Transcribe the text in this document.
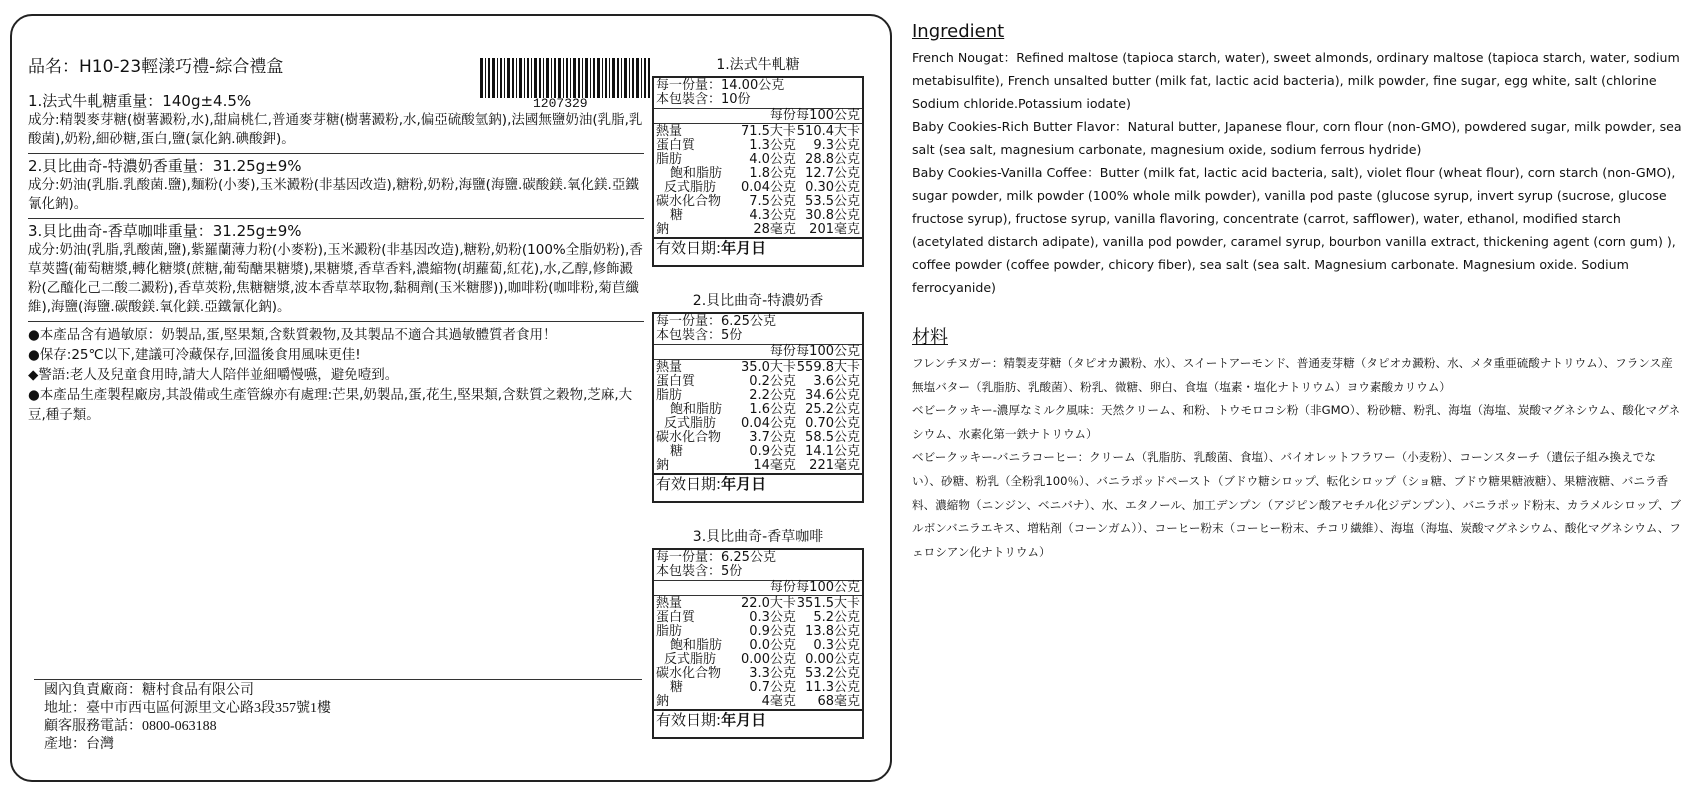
1207329
品名：H10-23輕漾巧禮-綜合禮盒
1.法式牛軋糖重量：140g±4.5%
成分:精製麥芽糖(樹薯澱粉,水),甜扁桃仁,普通麥芽糖(樹薯澱粉,水,偏亞硫酸氫鈉),法國無鹽奶油(乳脂,乳酸菌),奶粉,細砂糖,蛋白,鹽(氯化鈉.碘酸鉀)。
2.貝比曲奇-特濃奶香重量：31.25g±9%
成分:奶油(乳脂.乳酸菌.鹽),麵粉(小麥),玉米澱粉(非基因改造),糖粉,奶粉,海鹽(海鹽.碳酸鎂.氧化鎂.亞鐵氰化鈉)。
3.貝比曲奇-香草咖啡重量：31.25g±9%
成分:奶油(乳脂,乳酸菌,鹽),紫羅蘭薄力粉(小麥粉),玉米澱粉(非基因改造),糖粉,奶粉(100%全脂奶粉),香草莢醬(葡萄糖漿,轉化糖漿(蔗糖,葡萄醣果糖漿),果糖漿,香草香料,濃縮物(胡蘿蔔,紅花),水,乙醇,修飾澱粉(乙醯化己二酸二澱粉),香草莢粉,焦糖糖漿,波本香草萃取物,黏稠劑(玉米糖膠)),咖啡粉(咖啡粉,菊苣纖維),海鹽(海鹽.碳酸鎂.氧化鎂.亞鐵氰化鈉)。
●本產品含有過敏原：奶製品,蛋,堅果類,含麩質穀物,及其製品不適合其過敏體質者食用！
●保存:25℃以下,建議可冷藏保存,回溫後食用風味更佳!
◆警語:老人及兒童食用時,請大人陪伴並細嚼慢嚥，避免噎到。
●本產品生產製程廠房,其設備或生產管線亦有處理:芒果,奶製品,蛋,花生,堅果類,含麩質之穀物,芝麻,大豆,種子類。
國內負責廠商：糖村食品有限公司
地址：臺中市西屯區何源里文心路3段357號1樓
顧客服務電話：0800-063188
產地：台灣
1.法式牛軋糖
每一份量：14.00公克
本包裝含：10份
每份 每100公克
熱量	71.5大卡 510.4大卡
蛋白質	1.3公克	9.3公克
脂肪	4.0公克 28.8公克
飽和脂肪	1.8公克 12.7公克
反式脂肪	0.04公克 0.30公克
碳水化合物	7.5公克 53.5公克
糖	4.3公克 30.8公克
鈉	28毫克	201毫克
有效日期:年月日
2.貝比曲奇-特濃奶香
每一份量：6.25公克
本包裝含：5份
每份 每100公克
熱量	35.0大卡 559.8大卡
蛋白質	0.2公克	3.6公克
脂肪	2.2公克 34.6公克
飽和脂肪	1.6公克 25.2公克
反式脂肪	0.04公克 0.70公克
碳水化合物	3.7公克 58.5公克
糖	0.9公克 14.1公克
鈉	14毫克	221毫克
有效日期:年月日
3.貝比曲奇-香草咖啡
每一份量：6.25公克
本包裝含：5份
每份 每100公克
熱量	22.0大卡 351.5大卡
蛋白質	0.3公克	5.2公克
脂肪	0.9公克 13.8公克
飽和脂肪	0.0公克	0.3公克
反式脂肪	0.00公克 0.00公克
碳水化合物	3.3公克 53.2公克
糖	0.7公克 11.3公克
鈉	4毫克	68毫克
有效日期:年月日
Ingredient
French Nougat：Refined maltose (tapioca starch, water), sweet almonds, ordinary maltose (tapioca starch, water, sodium metabisulfite), French unsalted butter (milk fat, lactic acid bacteria), milk powder, fine sugar, egg white, salt (chlorine Sodium chloride.Potassium iodate)
Baby Cookies-Rich Butter Flavor：Natural butter, Japanese flour, corn flour (non-GMO), powdered sugar, milk powder, sea salt (sea salt, magnesium carbonate, magnesium oxide, sodium ferrous hydride)
Baby Cookies-Vanilla Coffee：Butter (milk fat, lactic acid bacteria, salt), violet flour (wheat flour), corn starch (non-GMO), sugar powder, milk powder (100% whole milk powder), vanilla pod paste (glucose syrup, invert syrup (sucrose, glucose fructose syrup), fructose syrup, vanilla flavoring, concentrate (carrot, safflower), water, ethanol, modified starch (acetylated distarch adipate), vanilla pod powder, caramel syrup, bourbon vanilla extract, thickening agent (corn gum) ), coffee powder (coffee powder, chicory fiber), sea salt (sea salt. Magnesium carbonate. Magnesium oxide. Sodium ferrocyanide)
材料
フレンチヌガー：精製麦芽糖（タピオカ澱粉、水）、スイートアーモンド、普通麦芽糖（タピオカ澱粉、水、メタ重亜硫酸ナトリウム）、フランス産無塩バター（乳脂肪、乳酸菌）、粉乳、微糖、卵白、食塩（塩素・塩化ナトリウム）ヨウ素酸カリウム）
ベビークッキー-濃厚なミルク風味：天然クリーム、和粉、トウモロコシ粉（非GMO）、粉砂糖、粉乳、海塩（海塩、炭酸マグネシウム、酸化マグネシウム、水素化第一鉄ナトリウム）
ベビークッキー-バニラコーヒー：クリーム（乳脂肪、乳酸菌、食塩）、バイオレットフラワー（小麦粉）、コーンスターチ（遺伝子組み換えでない）、砂糖、粉乳（全粉乳100％）、バニラポッドペースト（ブドウ糖シロップ、転化シロップ（ショ糖、ブドウ糖果糖液糖）、果糖液糖、バニラ香料、濃縮物（ニンジン、ベニバナ）、水、エタノール、加工デンプン（アジピン酸アセチル化ジデンプン）、バニラポッド粉末、カラメルシロップ、ブルボンバニラエキス、増粘剤（コーンガム））、コーヒー粉末（コーヒー粉末、チコリ繊維）、海塩（海塩、炭酸マグネシウム、酸化マグネシウム、フェロシアン化ナトリウム）
